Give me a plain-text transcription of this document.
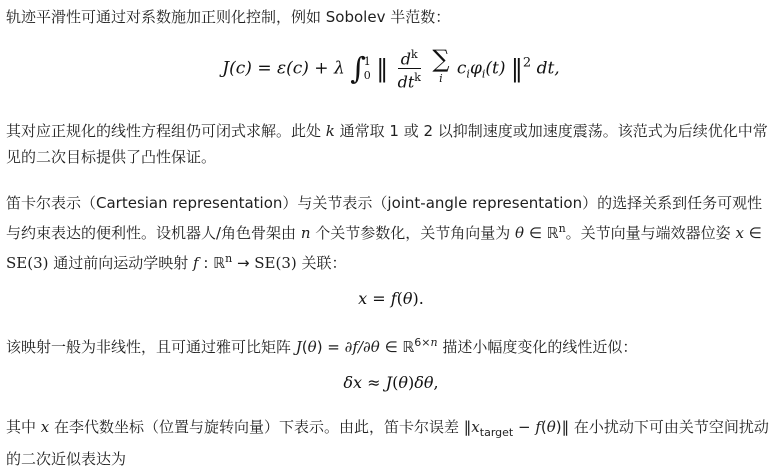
轨迹平滑性可通过对系数施加正则化控制，例如 Sobolev 半范数：
J(c) = ε(c) + λ ∫
1
0 ‖ $\frac{d^k}{dt^k}$
∑
i $c_i\varphi_i(t)$ ‖$^2$ dt,
其对应正规化的线性方程组仍可闭式求解。此处 k 通常取 1 或 2 以抑制速度或加速度震荡。该范式为后续优化中常见的二次目标提供了凸性保证。
笛卡尔表示（Cartesian representation）与关节表示（joint-angle representation）的选择关系到任务可观性与约束表达的便利性。设机器人/角色骨架由 n 个关节参数化，关节角向量为 θ ∈ ℝ$^n$。关节向量与端效器位姿 x ∈ SE(3) 通过前向运动学映射 f : ℝ$^n$ → SE(3) 关联：
x = f(θ).
该映射一般为非线性，且可通过雅可比矩阵 J(θ) = ∂f/∂θ ∈ ℝ$^{6\times n}$ 描述小幅度变化的线性近似：
δx ≈ J(θ)δθ,
其中 x 在李代数坐标（位置与旋转向量）下表示。由此，笛卡尔误差 $‖x_{target}$ − f(θ)‖ 在小扰动下可由关节空间扰动的二次近似表达为
